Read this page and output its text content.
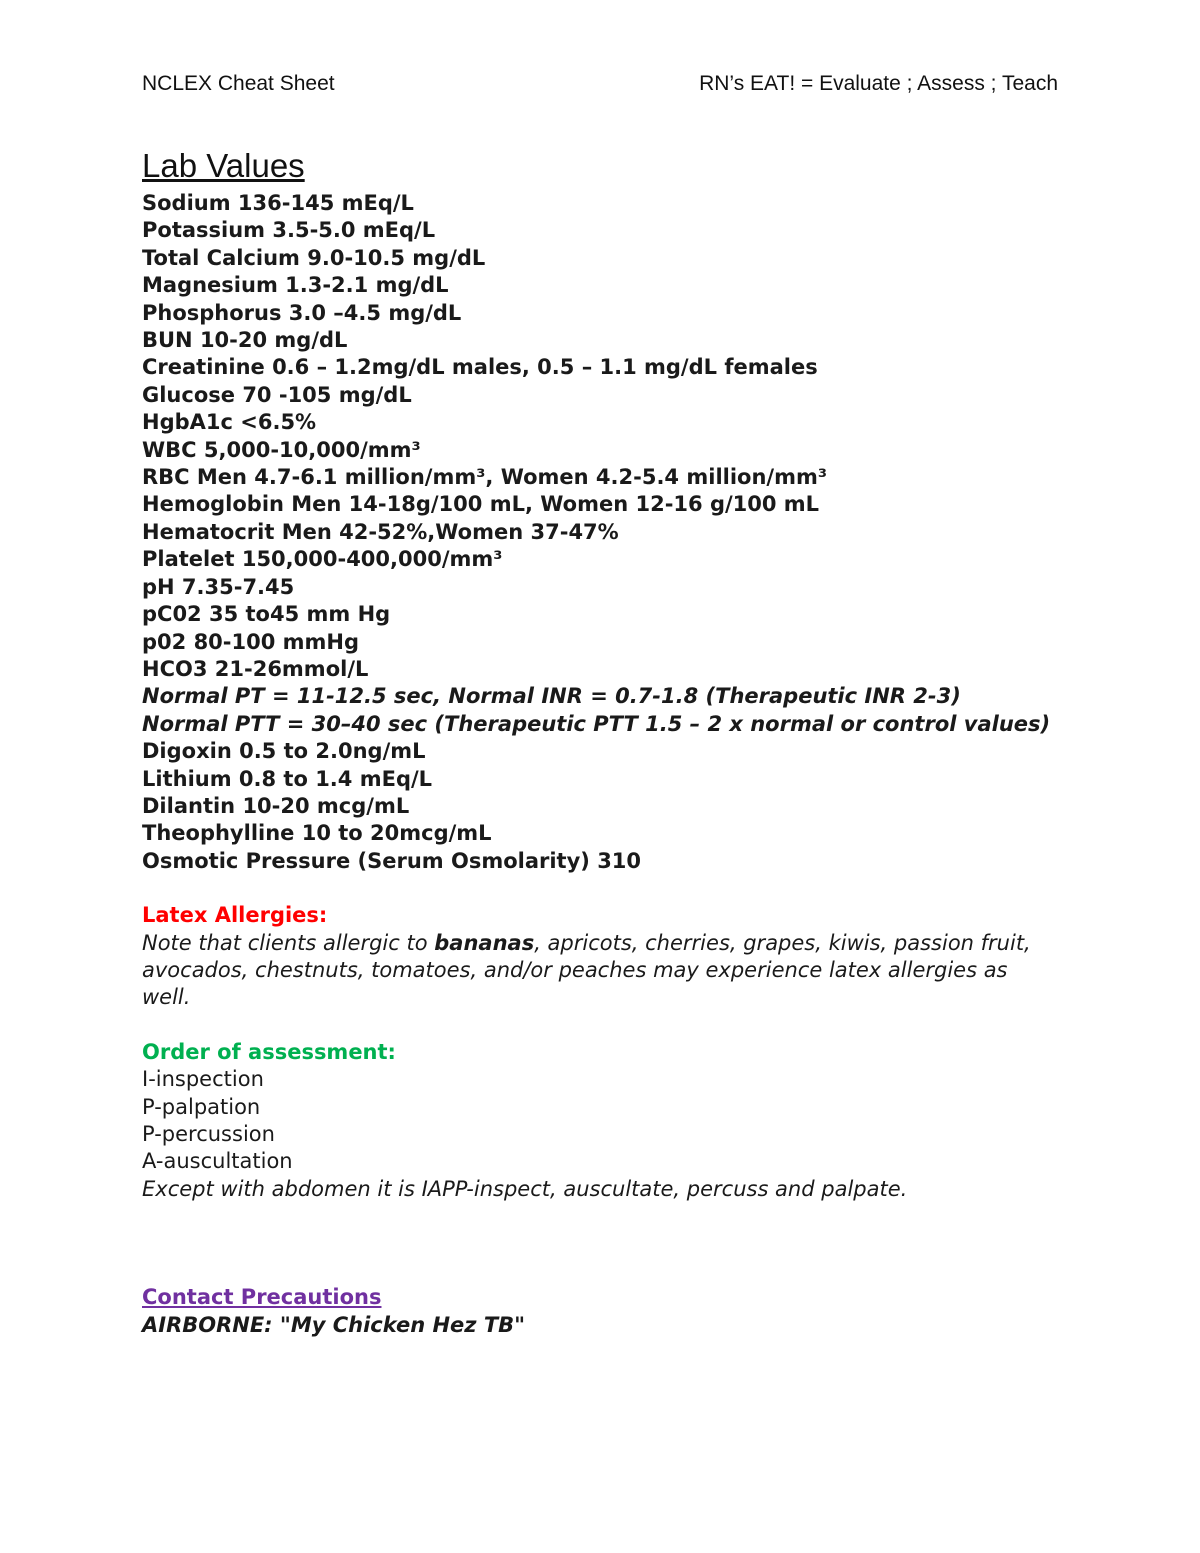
NCLEX Cheat Sheet	RN’s EAT! = Evaluate ; Assess ; Teach
Lab Values
Sodium 136-145 mEq/L
Potassium 3.5-5.0 mEq/L
Total Calcium 9.0-10.5 mg/dL
Magnesium 1.3-2.1 mg/dL
Phosphorus 3.0 –4.5 mg/dL
BUN 10-20 mg/dL
Creatinine 0.6 – 1.2mg/dL males, 0.5 – 1.1 mg/dL females
Glucose 70 -105 mg/dL
HgbA1c <6.5%
WBC 5,000-10,000/mm³
RBC Men 4.7-6.1 million/mm³, Women 4.2-5.4 million/mm³
Hemoglobin Men 14-18g/100 mL, Women 12-16 g/100 mL
Hematocrit Men 42-52%,Women 37-47%
Platelet 150,000-400,000/mm³
pH 7.35-7.45
pC02 35 to45 mm Hg
p02 80-100 mmHg
HCO3 21-26mmol/L
Normal PT = 11-12.5 sec, Normal INR = 0.7-1.8 (Therapeutic INR 2-3)
Normal PTT = 30–40 sec (Therapeutic PTT 1.5 – 2 x normal or control values)
Digoxin 0.5 to 2.0ng/mL
Lithium 0.8 to 1.4 mEq/L
Dilantin 10-20 mcg/mL
Theophylline 10 to 20mcg/mL
Osmotic Pressure (Serum Osmolarity) 310
Latex Allergies:
Note that clients allergic to bananas, apricots, cherries, grapes, kiwis, passion fruit, avocados, chestnuts, tomatoes, and/or peaches may experience latex allergies as well.
Order of assessment:
I-inspection
P-palpation
P-percussion
A-auscultation
Except with abdomen it is IAPP-inspect, auscultate, percuss and palpate.
Contact Precautions
AIRBORNE: "My Chicken Hez TB"
